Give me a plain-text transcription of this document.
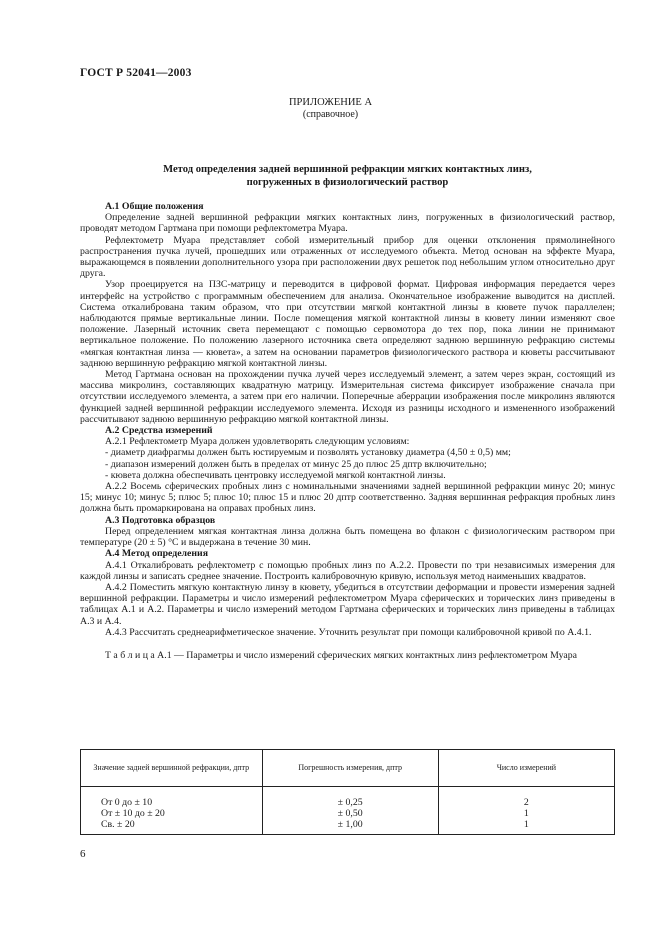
ГОСТ Р 52041—2003
ПРИЛОЖЕНИЕ А
(справочное)
Метод определения задней вершинной рефракции мягких контактных линз,
погруженных в физиологический раствор
А.1 Общие положения

Определение задней вершинной рефракции мягких контактных линз, погруженных в физиологический раствор, проводят методом Гартмана при помощи рефлектометра Муара.

Рефлектометр Муара представляет собой измерительный прибор для оценки отклонения прямолинейного распространения пучка лучей, прошедших или отраженных от исследуемого объекта. Метод основан на эффекте Муара, выражающемся в появлении дополнительного узора при расположении двух решеток под небольшим углом относительно друг друга.

Узор проецируется на ПЗС-матрицу и переводится в цифровой формат. Цифровая информация передается через интерфейс на устройство с программным обеспечением для анализа. Окончательное изображение выводится на дисплей. Система откалибрована таким образом, что при отсутствии мягкой контактной линзы в кювете пучок параллелен; наблюдаются прямые вертикальные линии. После помещения мягкой контактной линзы в кювету линии изменяют свое положение. Лазерный источник света перемещают с помощью сервомотора до тех пор, пока линии не принимают вертикальное положение. По положению лазерного источника света определяют заднюю вершинную рефракцию системы «мягкая контактная линза — кювета», а затем на основании параметров физиологического раствора и кюветы рассчитывают заднюю вершинную рефракцию мягкой контактной линзы.

Метод Гартмана основан на прохождении пучка лучей через исследуемый элемент, а затем через экран, состоящий из массива микролинз, составляющих квадратную матрицу. Измерительная система фиксирует изображение сначала при отсутствии исследуемого элемента, а затем при его наличии. Поперечные аберрации изображения после микролинз являются функцией задней вершинной рефракции исследуемого элемента. Исходя из разницы исходного и измененного изображений рассчитывают заднюю вершинную рефракцию мягкой контактной линзы.

А.2 Средства измерений

А.2.1 Рефлектометр Муара должен удовлетворять следующим условиям:

- диаметр диафрагмы должен быть юстируемым и позволять установку диаметра (4,50 ± 0,5) мм;

- диапазон измерений должен быть в пределах от минус 25 до плюс 25 дптр включительно;

- кювета должна обеспечивать центровку исследуемой мягкой контактной линзы.

А.2.2 Восемь сферических пробных линз с номинальными значениями задней вершинной рефракции минус 20; минус 15; минус 10; минус 5; плюс 5; плюс 10; плюс 15 и плюс 20 дптр соответственно. Задняя вершинная рефракция пробных линз должна быть промаркирована на оправах пробных линз.

А.3 Подготовка образцов

Перед определением мягкая контактная линза должна быть помещена во флакон с физиологическим раствором при температуре (20 ± 5) °С и выдержана в течение 30 мин.

А.4 Метод определения

А.4.1 Откалибровать рефлектометр с помощью пробных линз по А.2.2. Провести по три независимых измерения для каждой линзы и записать среднее значение. Построить калибровочную кривую, используя метод наименьших квадратов.

А.4.2 Поместить мягкую контактную линзу в кювету, убедиться в отсутствии деформации и провести измерения задней вершинной рефракции. Параметры и число измерений рефлектометром Муара сферических и торических линз приведены в таблицах А.1 и А.2. Параметры и число измерений методом Гартмана сферических и торических линз приведены в таблицах А.3 и А.4.

А.4.3 Рассчитать среднеарифметическое значение. Уточнить результат при помощи калибровочной кривой по А.4.1.

Т а б л и ц а А.1 — Параметры и число измерений сферических мягких контактных линз рефлектометром Муара

Значение задней вершинной рефракции, дптр	Погрешность измерения, дптр	Число измерений
От 0 до ± 10	± 0,25	2
От ± 10 до ± 20	± 0,50	1
Св. ± 20	± 1,00	1
6
